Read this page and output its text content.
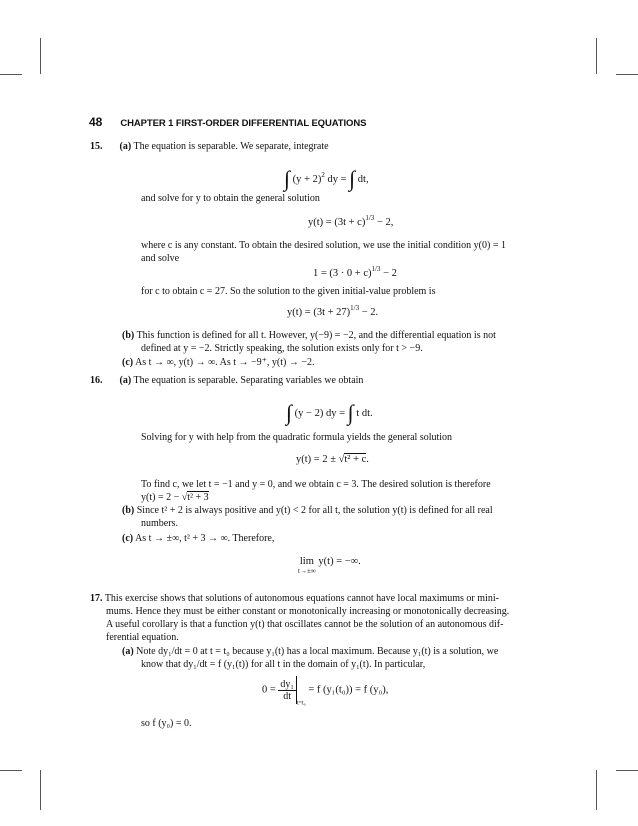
48 CHAPTER 1 FIRST-ORDER DIFFERENTIAL EQUATIONS
15. (a) The equation is separable. We separate, integrate
∫ $(y + 2)^2$ dy = ∫ dt,
and solve for y to obtain the general solution
$y(t) = (3t + c)^{1/3} - 2$,
where c is any constant. To obtain the desired solution, we use the initial condition y(0) = 1
and solve
$1 = (3 \cdot 0 + c)^{1/3} - 2$
for c to obtain c = 27. So the solution to the given initial-value problem is
$y(t) = (3t + 27)^{1/3} - 2$.
(b) This function is defined for all t. However, y(−9) = −2, and the differential equation is not
defined at y = −2. Strictly speaking, the solution exists only for t > −9.
(c) As t → ∞, y(t) → ∞. As t → −9⁺, y(t) → −2.
16. (a) The equation is separable. Separating variables we obtain
∫ (y − 2) dy = ∫ t dt.
Solving for y with help from the quadratic formula yields the general solution
y(t) = 2 ± √t² + c.
To find c, we let t = −1 and y = 0, and we obtain c = 3. The desired solution is therefore
y(t) = 2 − √t² + 3
(b) Since t² + 2 is always positive and y(t) < 2 for all t, the solution y(t) is defined for all real
numbers.
(c) As t → ±∞, t² + 3 → ∞. Therefore,
lim
t→±∞
y(t) = −∞.
17. This exercise shows that solutions of autonomous equations cannot have local maximums or mini-
mums. Hence they must be either constant or monotonically increasing or monotonically decreasing.
A useful corollary is that a function y(t) that oscillates cannot be the solution of an autonomous dif-
ferential equation.
(a) Note dy₁/dt = 0 at t = t₀ because y₁(t) has a local maximum. Because y₁(t) is a solution, we
know that dy₁/dt = f (y₁(t)) for all t in the domain of y₁(t). In particular,
$0 = \frac{\text{dy₁}}{dt}$
$_{t=t_0}$ = f (y₁(t₀)) = f (y₀),
so f (y₀) = 0.
